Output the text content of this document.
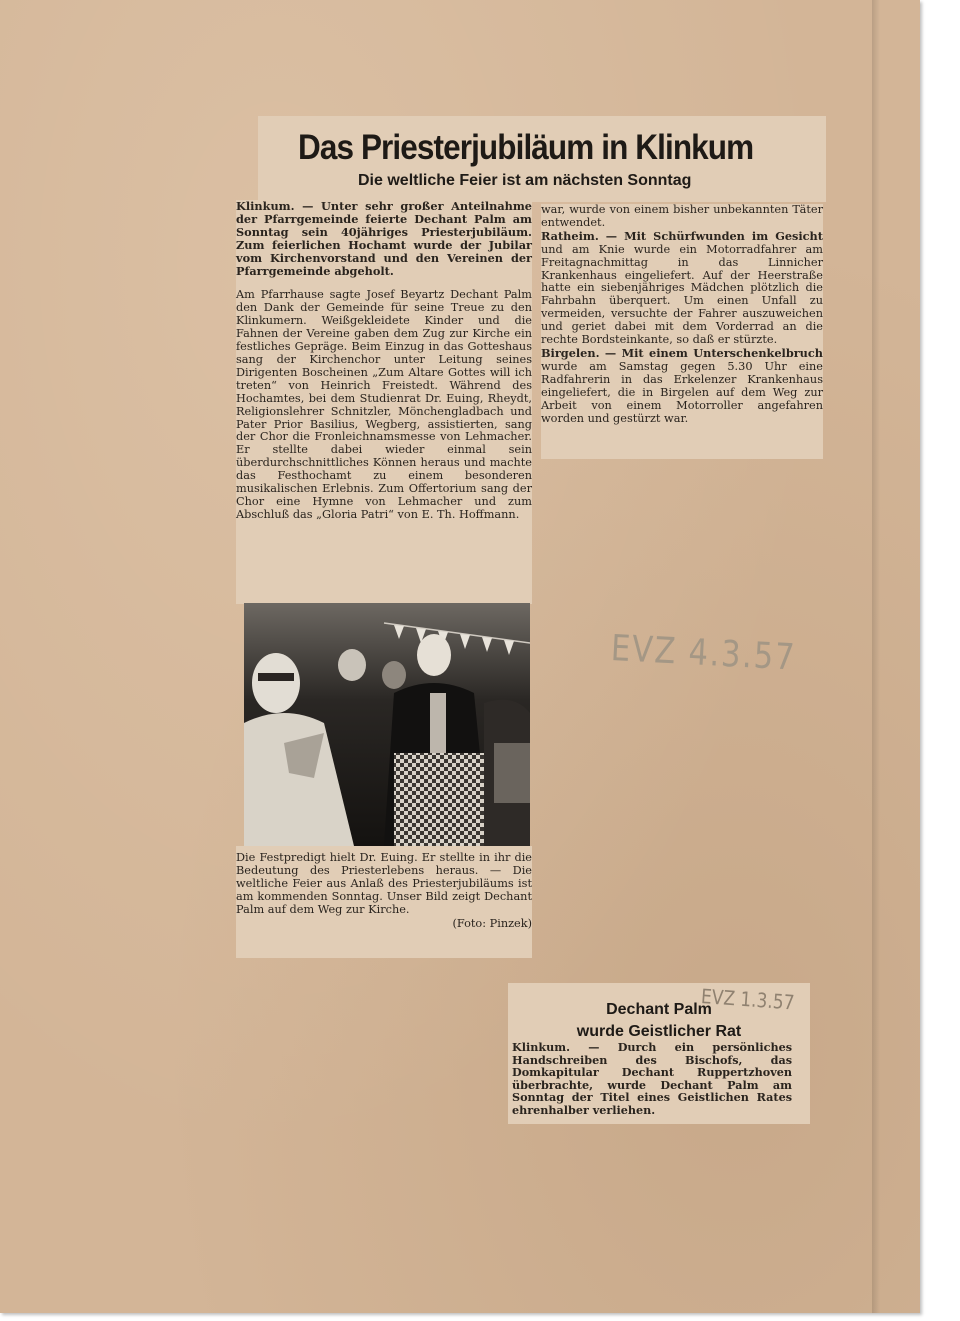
Das Priesterjubiläum in Klinkum
Die weltliche Feier ist am nächsten Sonntag

Klinkum. — Unter sehr großer Anteilnahme der Pfarrgemeinde feierte Dechant Palm am Sonntag sein 40jähriges Priesterjubiläum. Zum feierlichen Hochamt wurde der Jubilar vom Kirchenvorstand und den Vereinen der Pfarrgemeinde abgeholt.

Am Pfarrhause sagte Josef Beyartz Dechant Palm den Dank der Gemeinde für seine Treue zu den Klinkumern. Weißgekleidete Kinder und die Fahnen der Vereine gaben dem Zug zur Kirche ein festliches Gepräge. Beim Einzug in das Gotteshaus sang der Kirchenchor unter Leitung seines Dirigenten Boscheinen „Zum Altare Gottes will ich treten“ von Heinrich Freistedt. Während des Hochamtes, bei dem Studienrat Dr. Euing, Rheydt, Religionslehrer Schnitzler, Mönchengladbach und Pater Prior Basilius, Wegberg, assistierten, sang der Chor die Fronleichnamsmesse von Lehmacher. Er stellte dabei wieder einmal sein überdurchschnittliches Können heraus und machte das Festhochamt zu einem besonderen musikalischen Erlebnis. Zum Offertorium sang der Chor eine Hymne von Lehmacher und zum Abschluß das „Gloria Patri“ von E. Th. Hoffmann.

war, wurde von einem bisher unbekannten Täter entwendet.

Ratheim. — Mit Schürfwunden im Gesicht und am Knie wurde ein Motorradfahrer am Freitagnachmittag in das Linnicher Krankenhaus eingeliefert. Auf der Heerstraße hatte ein siebenjähriges Mädchen plötzlich die Fahrbahn überquert. Um einen Unfall zu vermeiden, versuchte der Fahrer auszuweichen und geriet dabei mit dem Vorderrad an die rechte Bordsteinkante, so daß er stürzte.

Birgelen. — Mit einem Unterschenkelbruch wurde am Samstag gegen 5.30 Uhr eine Radfahrerin in das Erkelenzer Krankenhaus eingeliefert, die in Birgelen auf dem Weg zur Arbeit von einem Motorroller angefahren worden und gestürzt war.

Die Festpredigt hielt Dr. Euing. Er stellte in ihr die Bedeutung des Priesterlebens heraus. — Die weltliche Feier aus Anlaß des Priesterjubiläums ist am kommenden Sonntag. Unser Bild zeigt Dechant Palm auf dem Weg zur Kirche.

(Foto: Pinzek)

EVZ 4.3.57
Dechant Palm
wurde Geistlicher Rat

Klinkum. — Durch ein persönliches Handschreiben des Bischofs, das Domkapitular Dechant Ruppertzhoven überbrachte, wurde Dechant Palm am Sonntag der Titel eines Geistlichen Rates ehrenhalber verliehen.

EVZ 1.3.57
